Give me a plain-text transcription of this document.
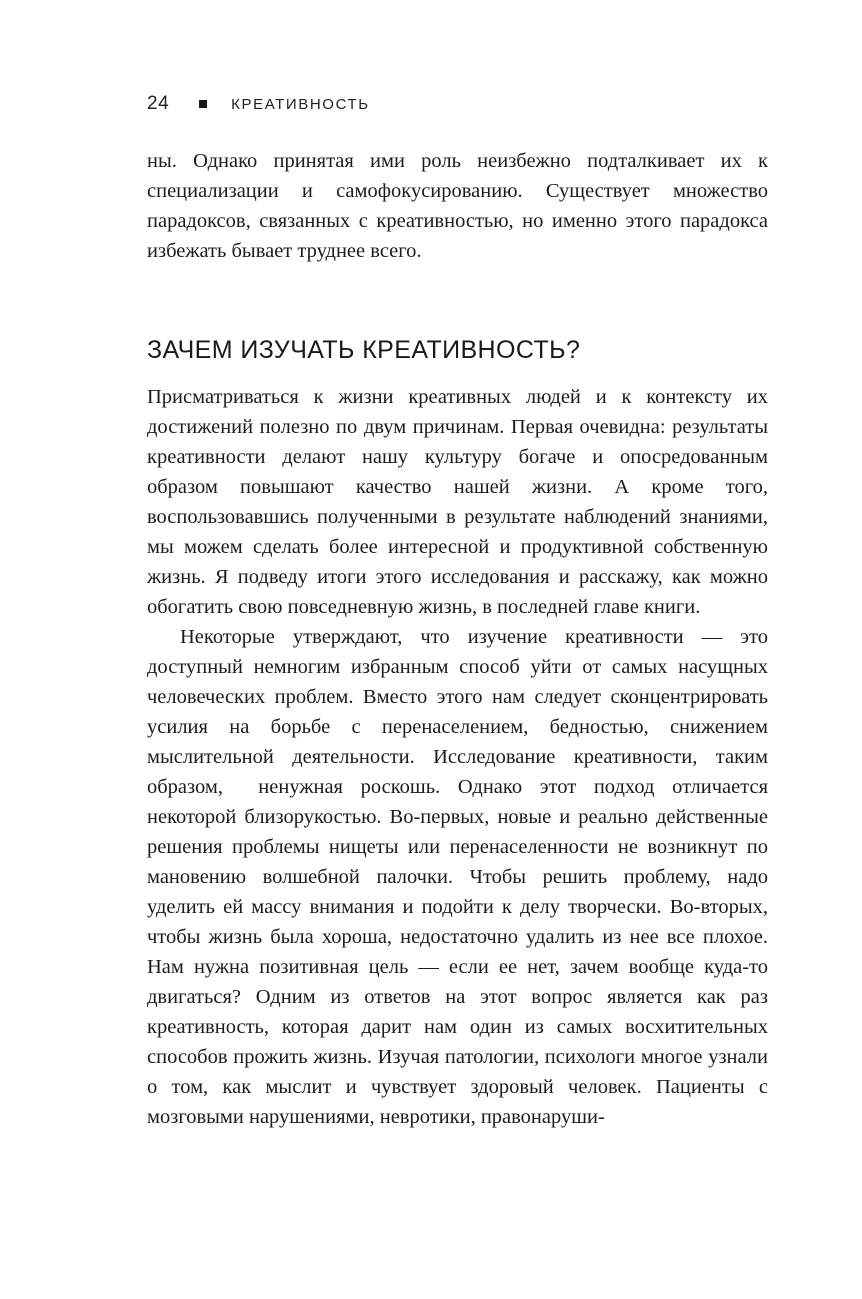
24	КРЕАТИВНОСТЬ

ны. Однако принятая ими роль неизбежно подталкивает их к специализации и самофокусированию. Существует множество парадоксов, связанных с креативностью, но именно этого парадокса избежать бывает труднее всего.

ЗАЧЕМ ИЗУЧАТЬ КРЕАТИВНОСТЬ?

Присматриваться к жизни креативных людей и к контексту их достижений полезно по двум причинам. Первая очевидна: результаты креативности делают нашу культуру богаче и опосредованным образом повышают качество нашей жизни. А кроме того, воспользовавшись полученными в результате наблюдений знаниями, мы можем сделать более интересной и продуктивной собственную жизнь. Я подведу итоги этого исследования и расскажу, как можно обогатить свою повседневную жизнь, в последней главе книги.

Некоторые утверждают, что изучение креативности — это доступный немногим избранным способ уйти от самых насущных человеческих проблем. Вместо этого нам следует сконцентрировать усилия на борьбе с перенаселением, бедностью, снижением мыслительной деятельности. Исследование креативности, таким образом,  ненужная роскошь. Однако этот подход отличается некоторой близорукостью. Во-первых, новые и реально действенные решения проблемы нищеты или перенаселенности не возникнут по мановению волшебной палочки. Чтобы решить проблему, надо уделить ей массу внимания и подойти к делу творчески. Во-вторых, чтобы жизнь была хороша, недостаточно удалить из нее все плохое. Нам нужна позитивная цель — если ее нет, зачем вообще куда-то двигаться? Одним из ответов на этот вопрос является как раз креативность, которая дарит нам один из самых восхитительных способов прожить жизнь. Изучая патологии, психологи многое узнали о том, как мыслит и чувствует здоровый человек. Пациенты с мозговыми нарушениями, невротики, правонаруши-
